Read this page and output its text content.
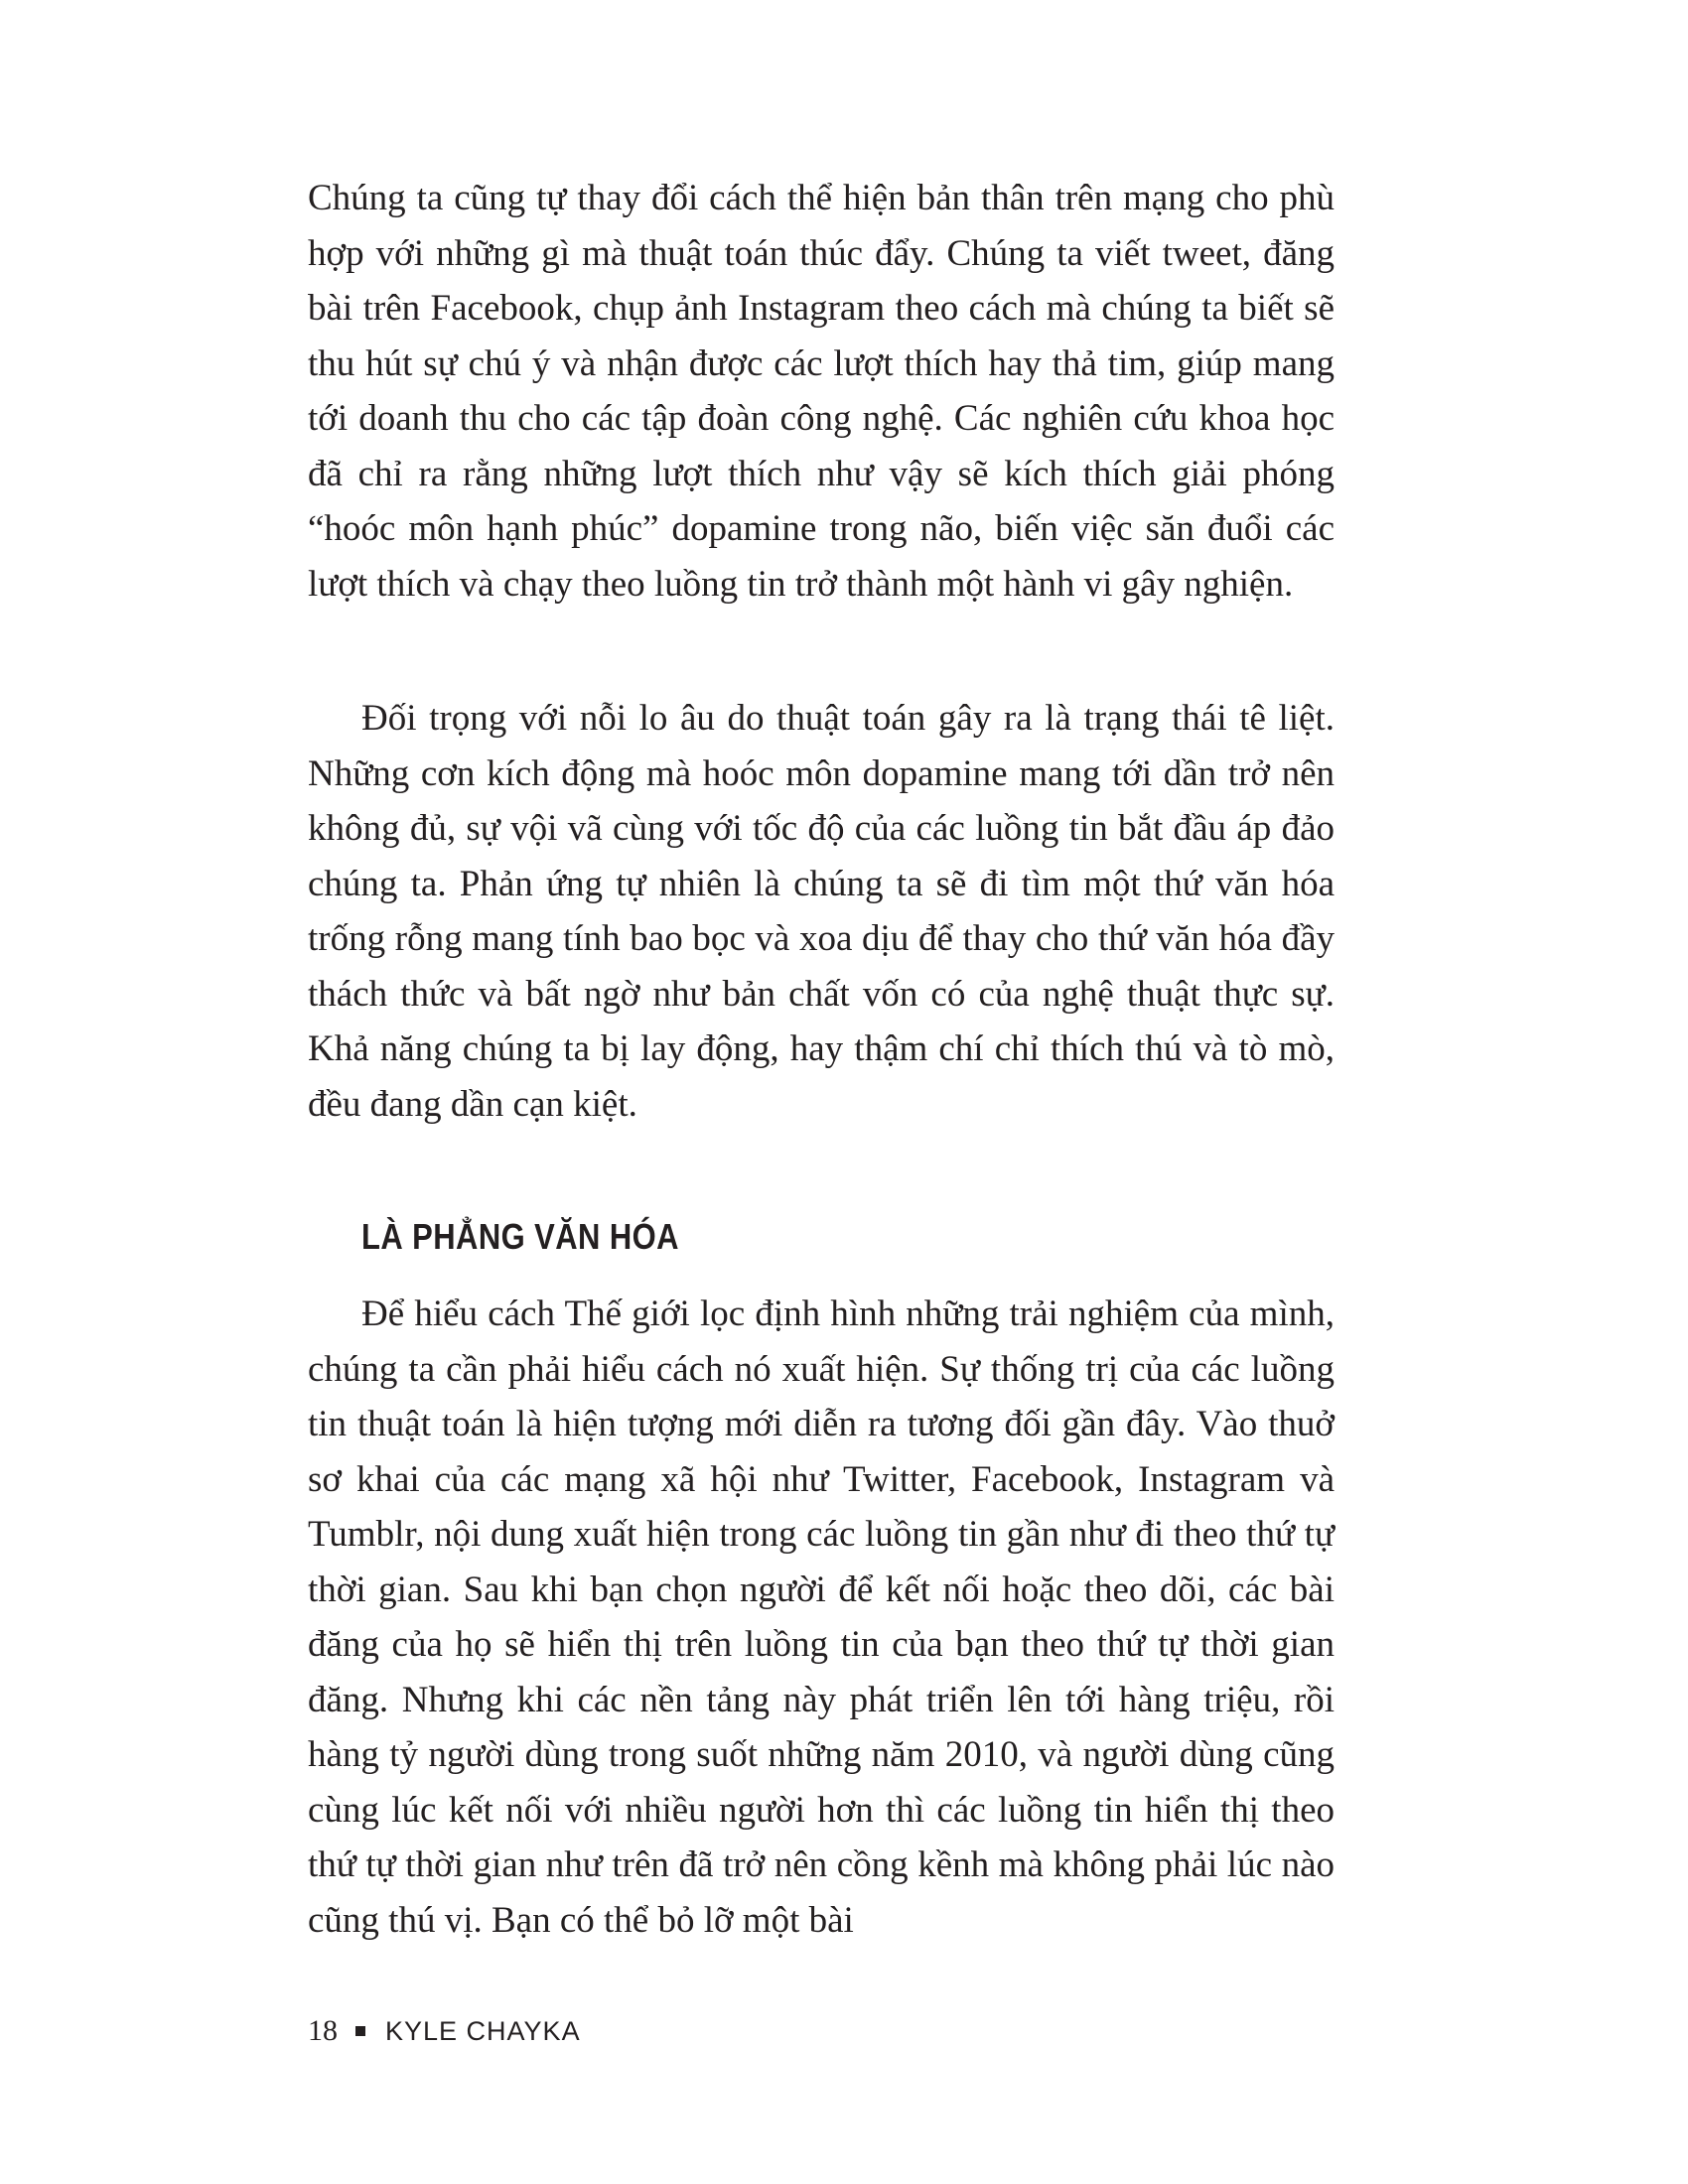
Chúng ta cũng tự thay đổi cách thể hiện bản thân trên mạng cho phù hợp với những gì mà thuật toán thúc đẩy. Chúng ta viết tweet, đăng bài trên Facebook, chụp ảnh Instagram theo cách mà chúng ta biết sẽ thu hút sự chú ý và nhận được các lượt thích hay thả tim, giúp mang tới doanh thu cho các tập đoàn công nghệ. Các nghiên cứu khoa học đã chỉ ra rằng những lượt thích như vậy sẽ kích thích giải phóng “hoóc môn hạnh phúc” dopamine trong não, biến việc săn đuổi các lượt thích và chạy theo luồng tin trở thành một hành vi gây nghiện.

Đối trọng với nỗi lo âu do thuật toán gây ra là trạng thái tê liệt. Những cơn kích động mà hoóc môn dopamine mang tới dần trở nên không đủ, sự vội vã cùng với tốc độ của các luồng tin bắt đầu áp đảo chúng ta. Phản ứng tự nhiên là chúng ta sẽ đi tìm một thứ văn hóa trống rỗng mang tính bao bọc và xoa dịu để thay cho thứ văn hóa đầy thách thức và bất ngờ như bản chất vốn có của nghệ thuật thực sự. Khả năng chúng ta bị lay động, hay thậm chí chỉ thích thú và tò mò, đều đang dần cạn kiệt.

LÀ PHẲNG VĂN HÓA

Để hiểu cách Thế giới lọc định hình những trải nghiệm của mình, chúng ta cần phải hiểu cách nó xuất hiện. Sự thống trị của các luồng tin thuật toán là hiện tượng mới diễn ra tương đối gần đây. Vào thuở sơ khai của các mạng xã hội như Twitter, Facebook, Instagram và Tumblr, nội dung xuất hiện trong các luồng tin gần như đi theo thứ tự thời gian. Sau khi bạn chọn người để kết nối hoặc theo dõi, các bài đăng của họ sẽ hiển thị trên luồng tin của bạn theo thứ tự thời gian đăng. Nhưng khi các nền tảng này phát triển lên tới hàng triệu, rồi hàng tỷ người dùng trong suốt những năm 2010, và người dùng cũng cùng lúc kết nối với nhiều người hơn thì các luồng tin hiển thị theo thứ tự thời gian như trên đã trở nên cồng kềnh mà không phải lúc nào cũng thú vị. Bạn có thể bỏ lỡ một bài

18 KYLE CHAYKA
